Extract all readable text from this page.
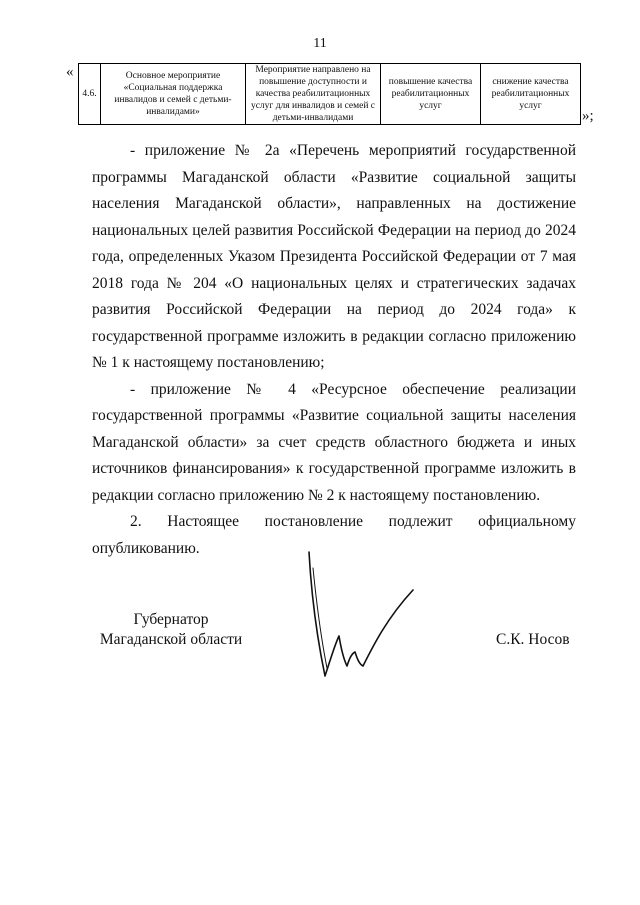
11
«
4.6.	Основное мероприятие «Социальная поддержка инвалидов и семей с детьми-инвалидами»	Мероприятие направлено на повышение доступности и качества реабилитационных услуг для инвалидов и семей с детьми-инвалидами	повышение качества реабилитационных услуг	снижение качества реабилитационных услуг
»;

- приложение № 2а «Перечень мероприятий государственной программы Магаданской области «Развитие социальной защиты населения Магаданской области», направленных на достижение национальных целей развития Российской Федерации на период до 2024 года, определенных Указом Президента Российской Федерации от 7 мая 2018 года № 204 «О национальных целях и стратегических задачах развития Российской Федерации на период до 2024 года» к государственной программе изложить в редакции согласно приложению № 1 к настоящему постановлению;

- приложение № 4 «Ресурсное обеспечение реализации государственной программы «Развитие социальной защиты населения Магаданской области» за счет средств областного бюджета и иных источников финансирования» к государственной программе изложить в редакции согласно приложению № 2 к настоящему постановлению.

2. Настоящее постановление подлежит официальному опубликованию.

Губернатор
Магаданской области	С.К. Носов
